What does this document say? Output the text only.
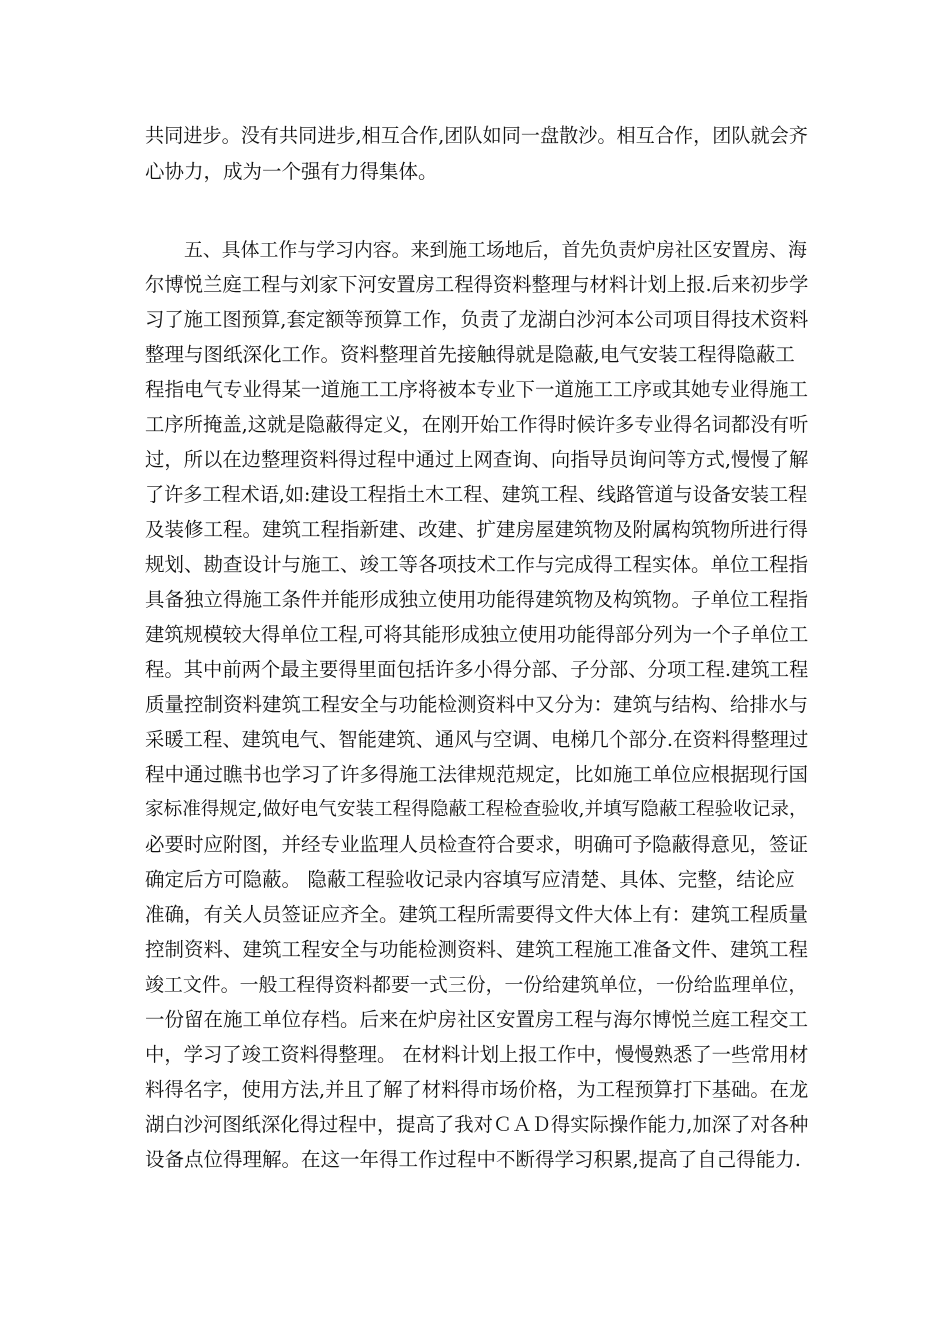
共同进步。没有共同进步,相互合作,团队如同一盘散沙。相互合作，团队就会齐

心协力，成为一个强有力得集体。

五、具体工作与学习内容。来到施工场地后，首先负责炉房社区安置房、海

尔博悦兰庭工程与刘家下河安置房工程得资料整理与材料计划上报.后来初步学

习了施工图预算,套定额等预算工作，负责了龙湖白沙河本公司项目得技术资料

整理与图纸深化工作。资料整理首先接触得就是隐蔽,电气安装工程得隐蔽工

程指电气专业得某一道施工工序将被本专业下一道施工工序或其她专业得施工

工序所掩盖,这就是隐蔽得定义，在刚开始工作得时候许多专业得名词都没有听

过，所以在边整理资料得过程中通过上网查询、向指导员询问等方式,慢慢了解

了许多工程术语,如:建设工程指土木工程、建筑工程、线路管道与设备安装工程

及装修工程。建筑工程指新建、改建、扩建房屋建筑物及附属构筑物所进行得

规划、勘查设计与施工、竣工等各项技术工作与完成得工程实体。单位工程指

具备独立得施工条件并能形成独立使用功能得建筑物及构筑物。子单位工程指

建筑规模较大得单位工程,可将其能形成独立使用功能得部分列为一个子单位工

程。其中前两个最主要得里面包括许多小得分部、子分部、分项工程.建筑工程

质量控制资料建筑工程安全与功能检测资料中又分为：建筑与结构、给排水与

采暖工程、建筑电气、智能建筑、通风与空调、电梯几个部分.在资料得整理过

程中通过瞧书也学习了许多得施工法律规范规定，比如施工单位应根据现行国

家标准得规定,做好电气安装工程得隐蔽工程检查验收,并填写隐蔽工程验收记录，

必要时应附图，并经专业监理人员检查符合要求，明确可予隐蔽得意见，签证

确定后方可隐蔽。 隐蔽工程验收记录内容填写应清楚、具体、完整，结论应

准确，有关人员签证应齐全。建筑工程所需要得文件大体上有：建筑工程质量

控制资料、建筑工程安全与功能检测资料、建筑工程施工准备文件、建筑工程

竣工文件。一般工程得资料都要一式三份，一份给建筑单位，一份给监理单位，

一份留在施工单位存档。后来在炉房社区安置房工程与海尔博悦兰庭工程交工

中，学习了竣工资料得整理。 在材料计划上报工作中，慢慢熟悉了一些常用材

料得名字，使用方法,并且了解了材料得市场价格，为工程预算打下基础。在龙

湖白沙河图纸深化得过程中，提高了我对ＣＡＤ得实际操作能力,加深了对各种

设备点位得理解。在这一年得工作过程中不断得学习积累,提高了自己得能力.
